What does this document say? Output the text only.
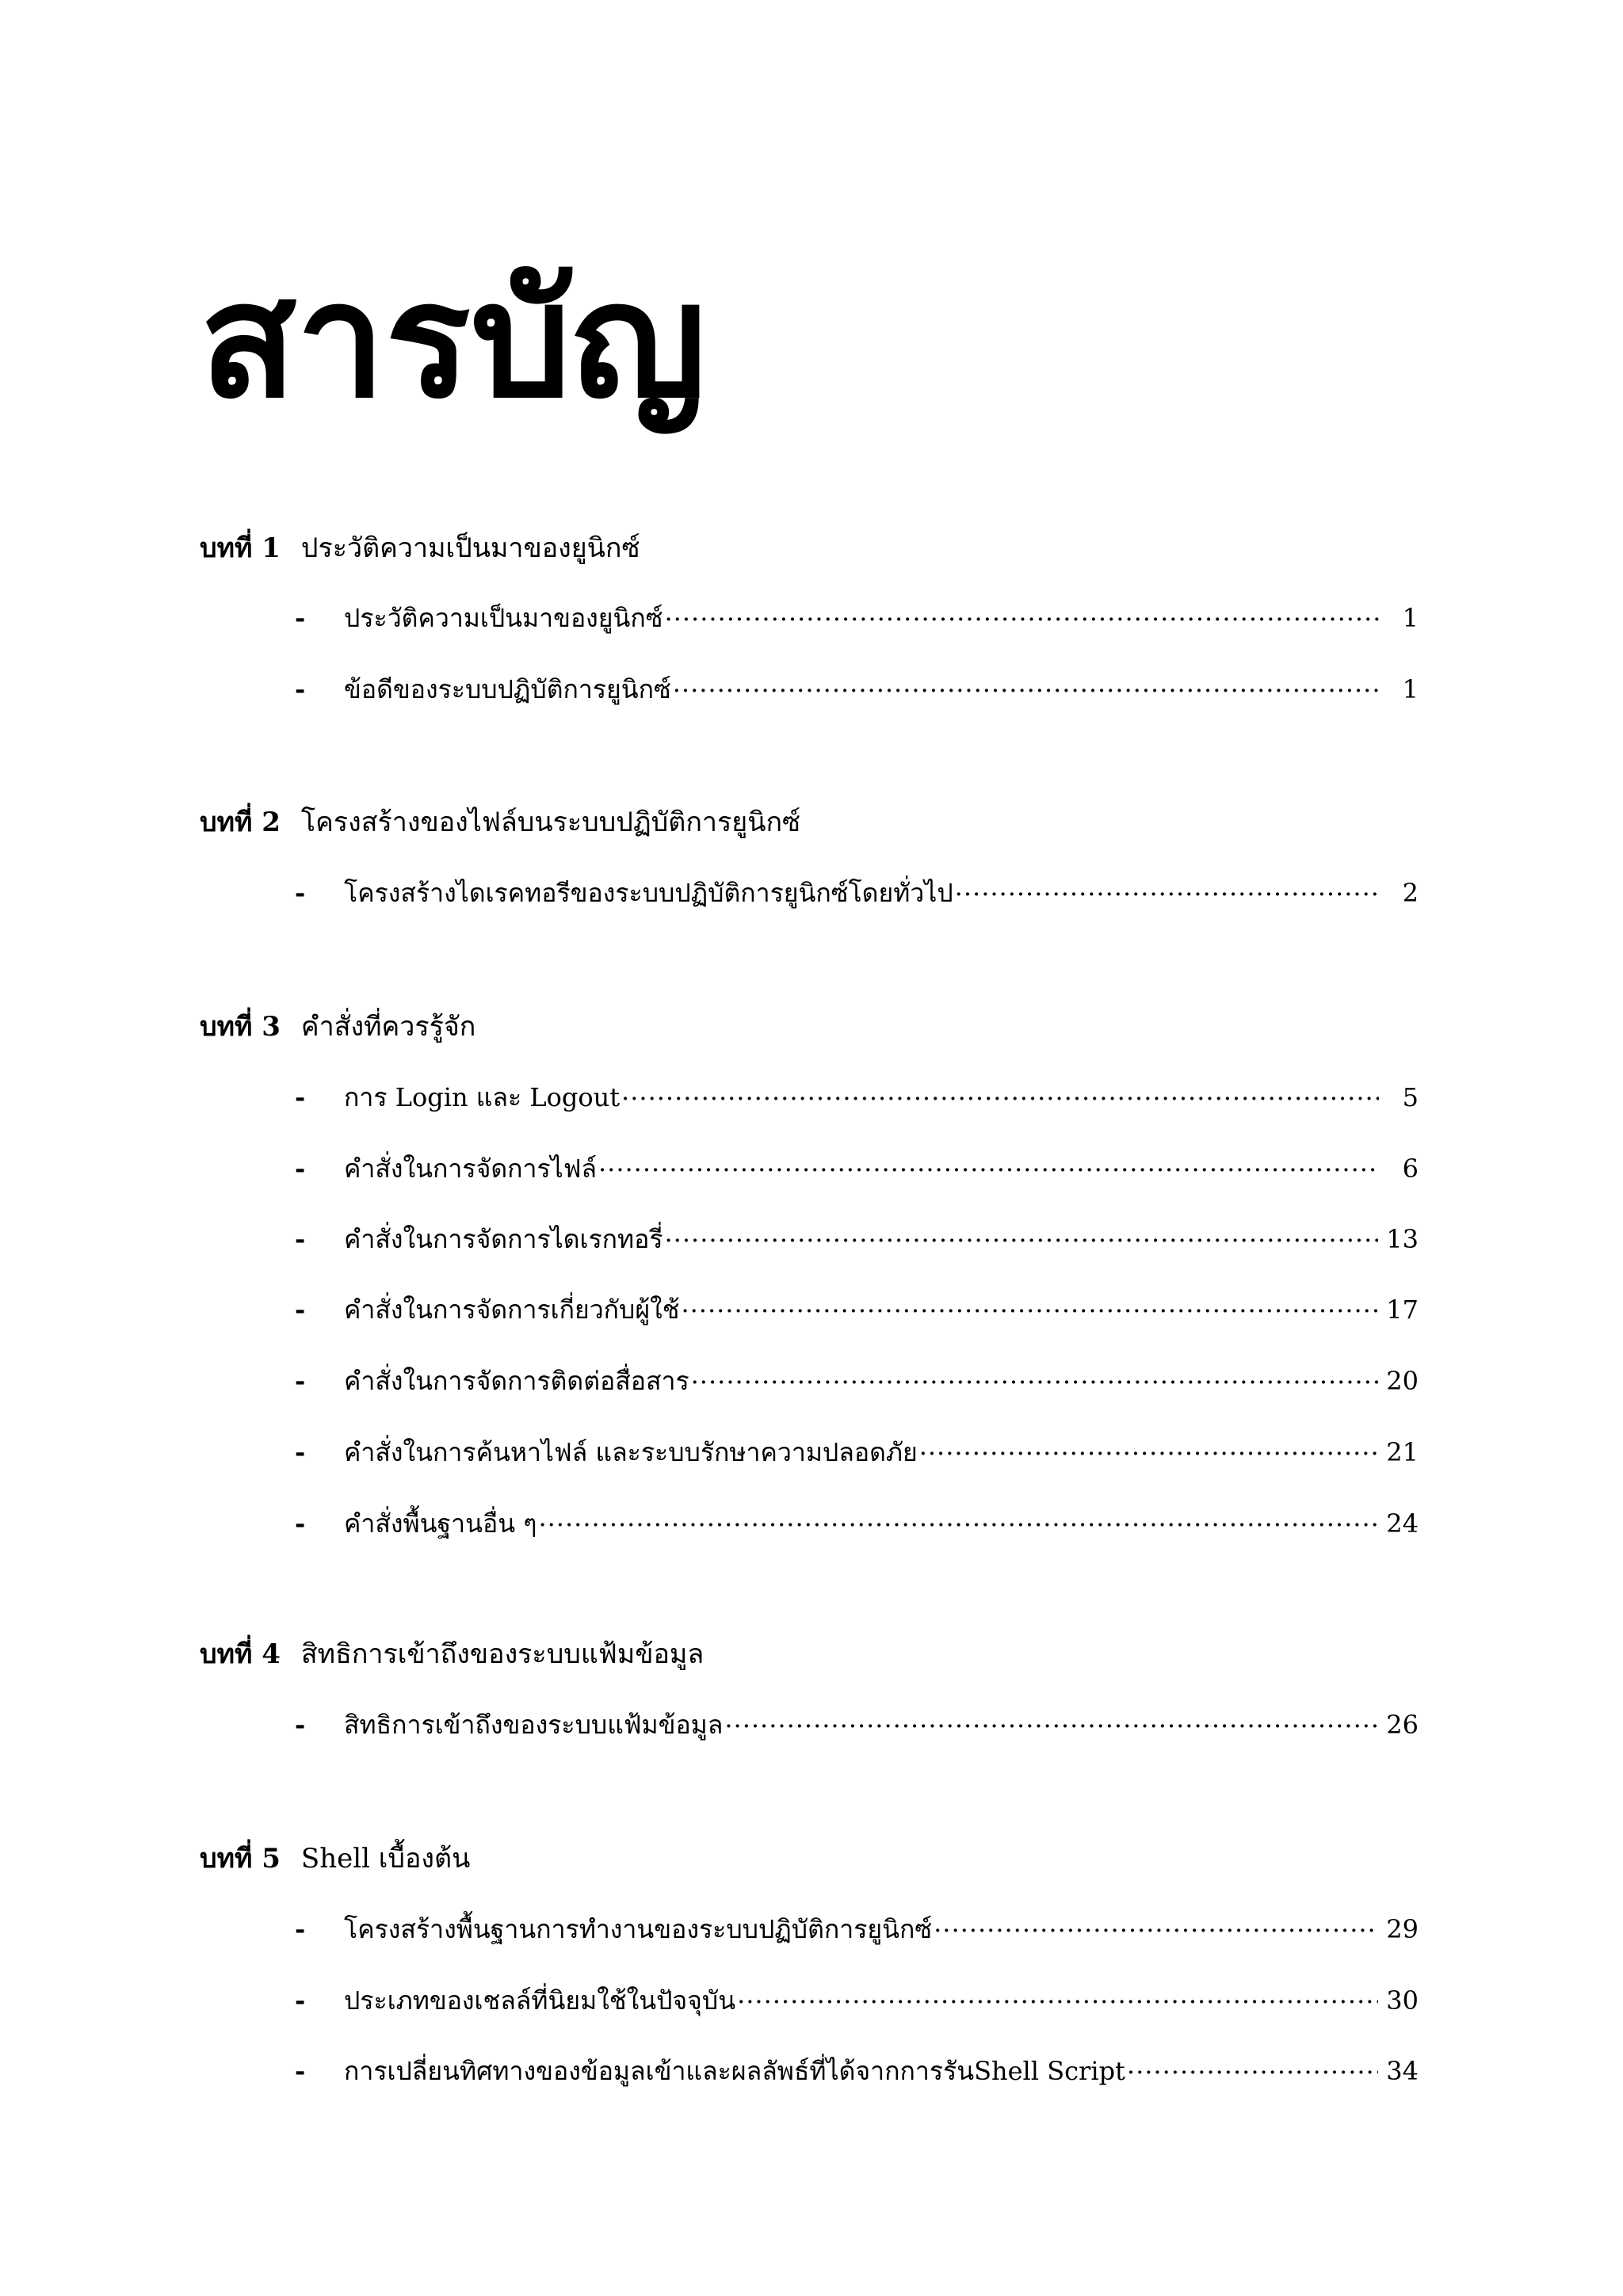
สารบัญ
บทที่ 1 ประวัติความเป็นมาของยูนิกซ์
-	ประวัติความเป็นมาของยูนิกซ์ .....	1
-	ข้อดีของระบบปฏิบัติการยูนิกซ์ .....	1
บทที่ 2 โครงสร้างของไฟล์บนระบบปฏิบัติการยูนิกซ์
-	โครงสร้างไดเรคทอรีของระบบปฏิบัติการยูนิกซ์โดยทั่วไป .....	2
บทที่ 3 คำสั่งที่ควรรู้จัก
-	การ Login และ Logout .....	5
-	คำสั่งในการจัดการไฟล์ .....	6
-	คำสั่งในการจัดการไดเรกทอรี่ .....	13
-	คำสั่งในการจัดการเกี่ยวกับผู้ใช้ .....	17
-	คำสั่งในการจัดการติดต่อสื่อสาร .....	20
-	คำสั่งในการค้นหาไฟล์ และระบบรักษาความปลอดภัย .....	21
-	คำสั่งพื้นฐานอื่น ๆ .....	24
บทที่ 4 สิทธิการเข้าถึงของระบบแฟ้มข้อมูล
-	สิทธิการเข้าถึงของระบบแฟ้มข้อมูล .....	26
บทที่ 5 Shell เบื้องต้น
-	โครงสร้างพื้นฐานการทำงานของระบบปฏิบัติการยูนิกซ์ .....	29
-	ประเภทของเชลล์ที่นิยมใช้ในปัจจุบัน .....	30
-	การเปลี่ยนทิศทางของข้อมูลเข้าและผลลัพธ์ที่ได้จากการรันShell Script .....	34
